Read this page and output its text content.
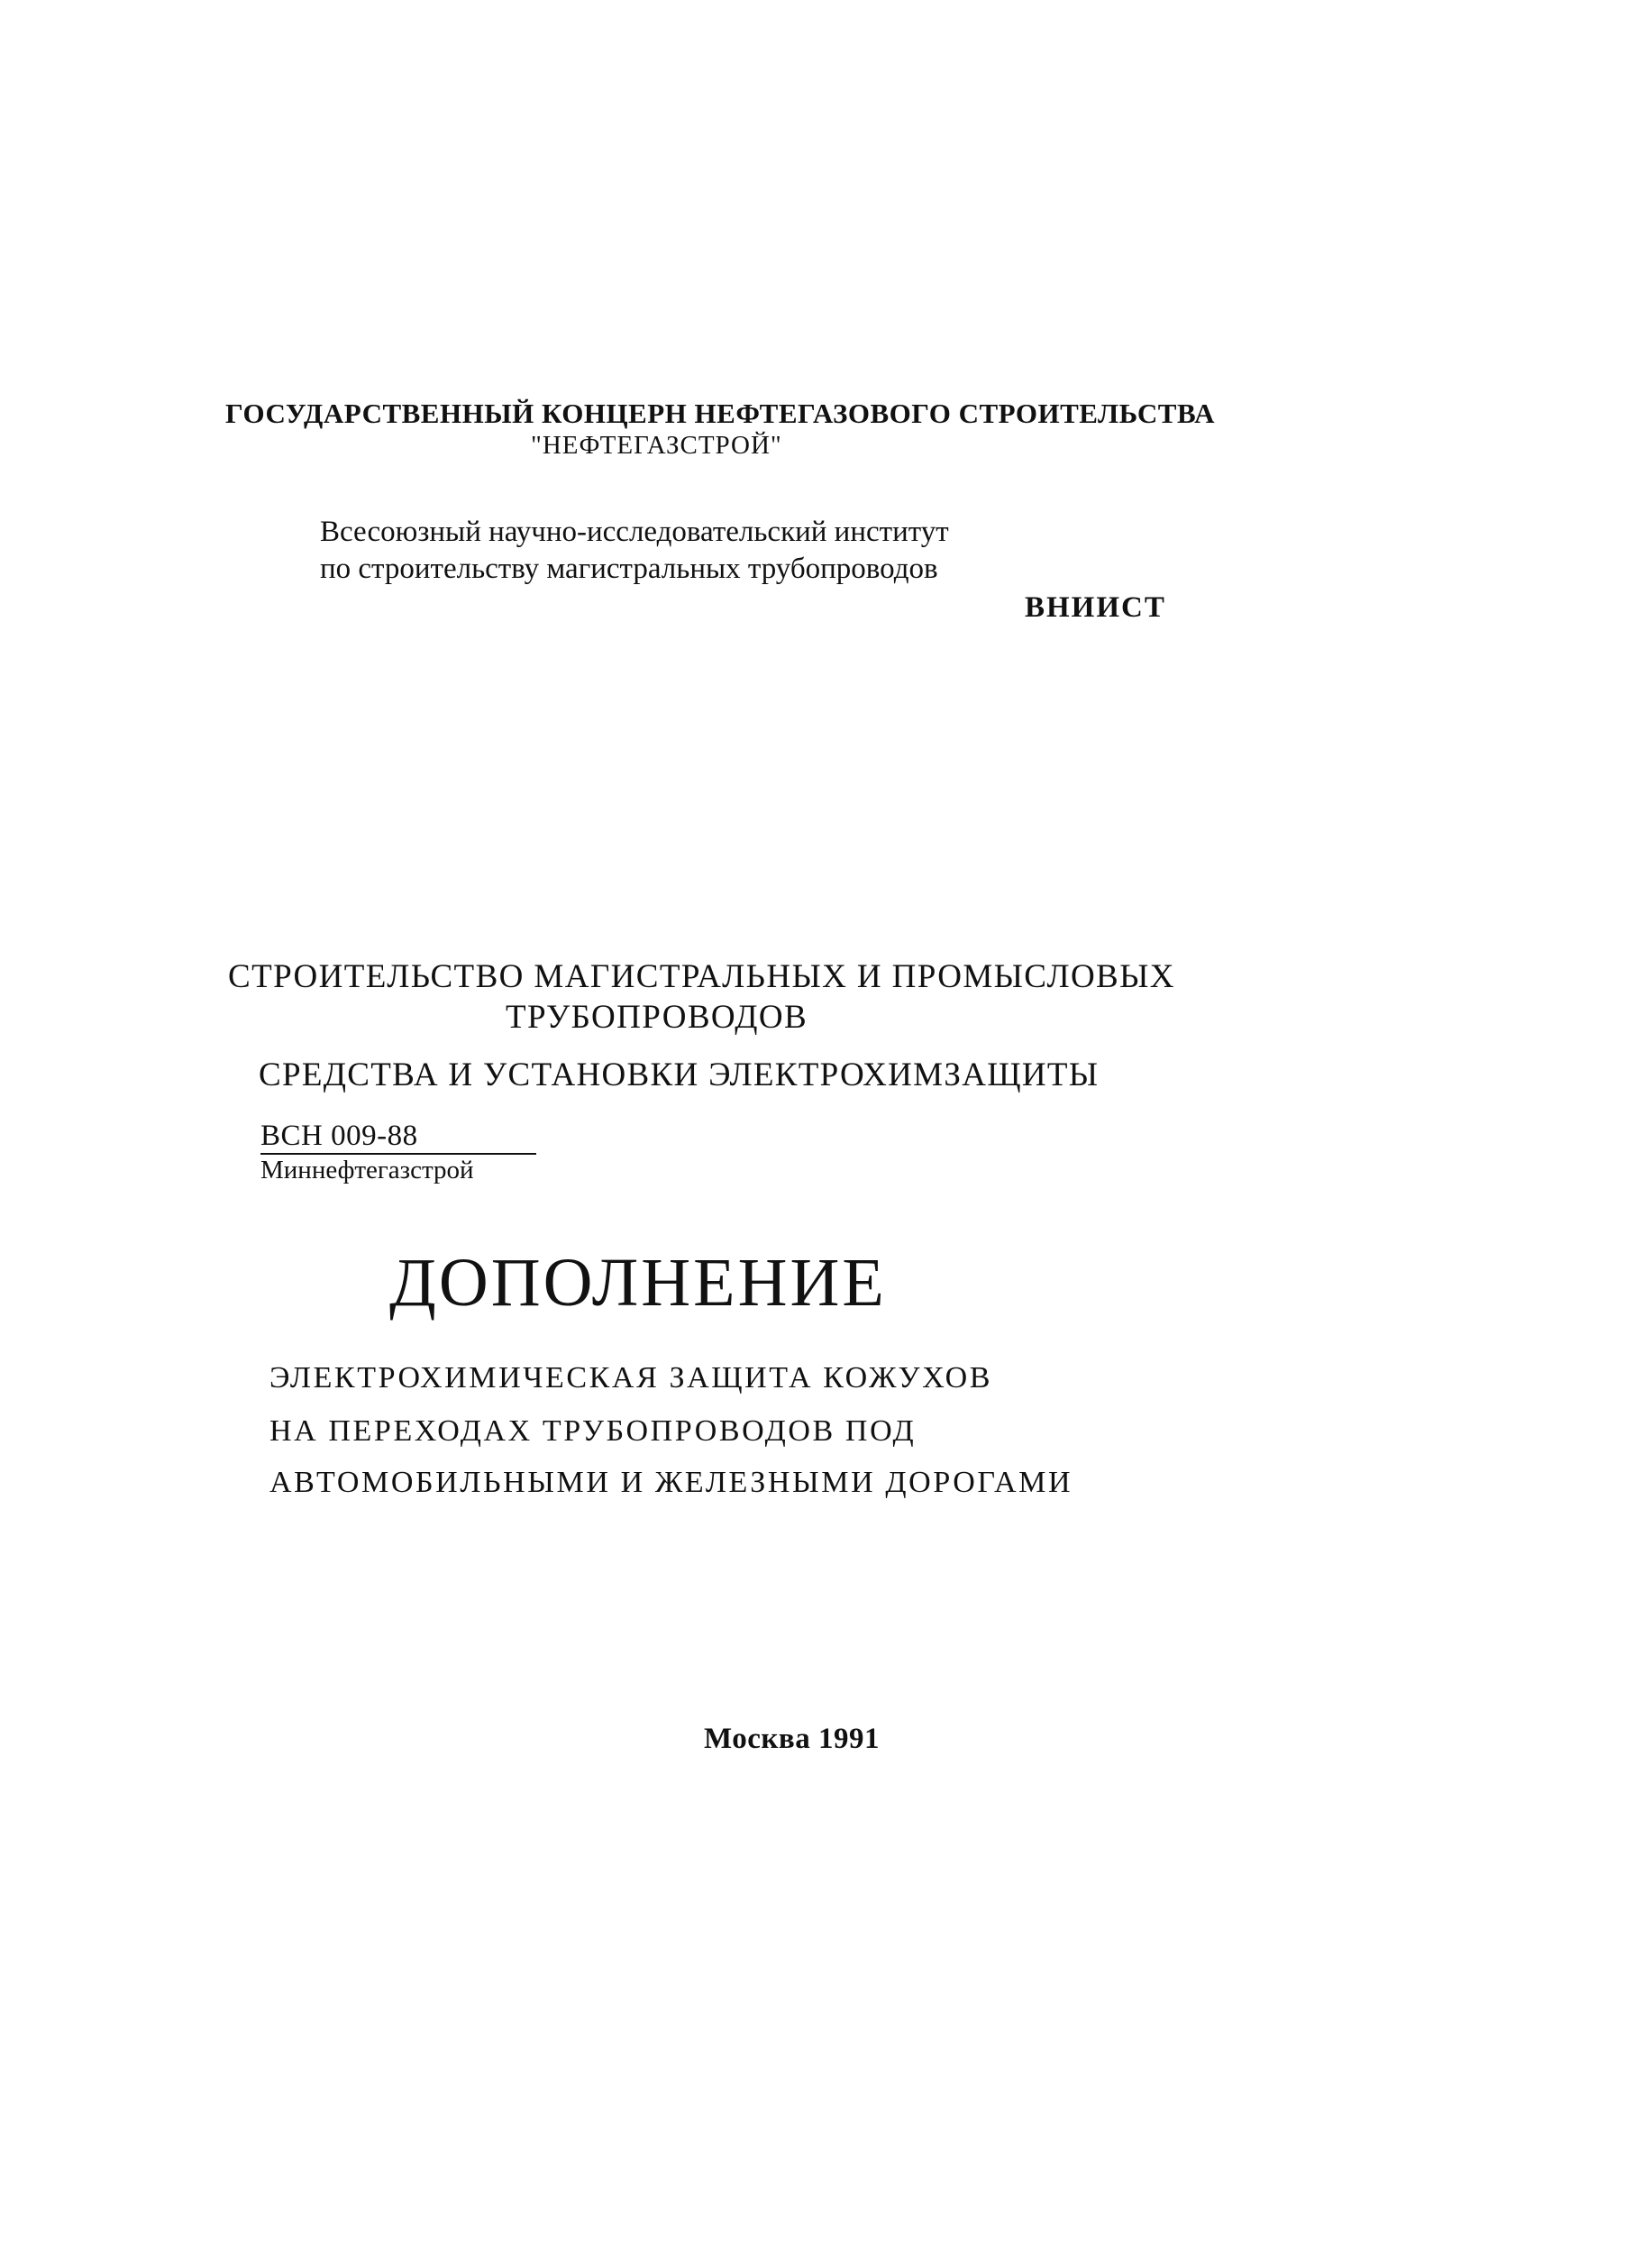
ГОСУДАРСТВЕННЫЙ КОНЦЕРН НЕФТЕГАЗОВОГО СТРОИТЕЛЬСТВА
"НЕФТЕГАЗСТРОЙ"
Всесоюзный научно-исследовательский институт
по строительству магистральных трубопроводов
ВНИИСТ
СТРОИТЕЛЬСТВО МАГИСТРАЛЬНЫХ И ПРОМЫСЛОВЫХ
ТРУБОПРОВОДОВ
СРЕДСТВА И УСТАНОВКИ ЭЛЕКТРОХИМЗАЩИТЫ
ВСН 009-88
Миннефтегазстрой
ДОПОЛНЕНИЕ
ЭЛЕКТРОХИМИЧЕСКАЯ ЗАЩИТА КОЖУХОВ
НА ПЕРЕХОДАХ ТРУБОПРОВОДОВ ПОД
АВТОМОБИЛЬНЫМИ И ЖЕЛЕЗНЫМИ ДОРОГАМИ
Москва 1991
